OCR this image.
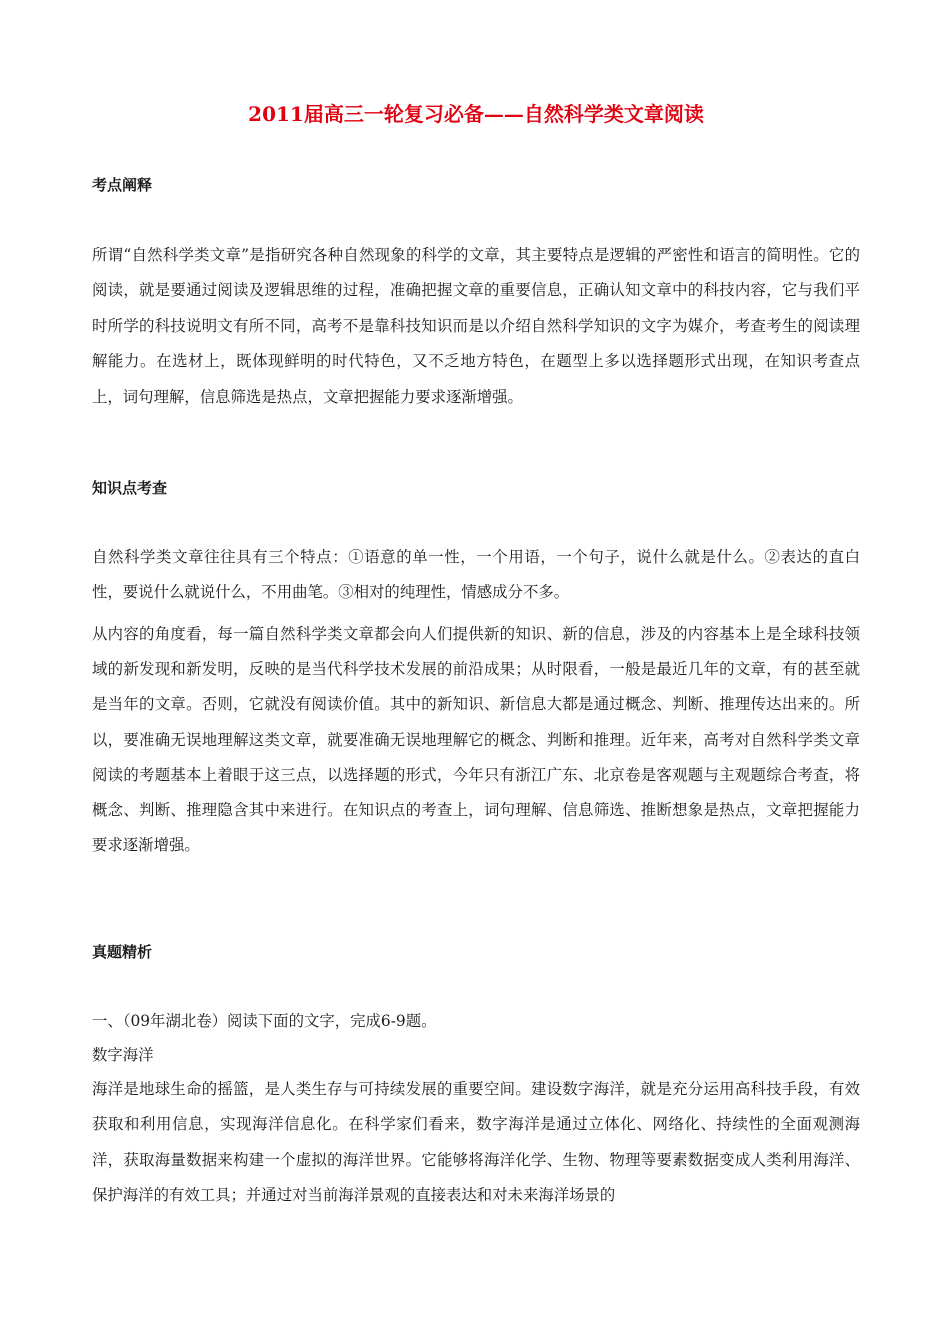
2011届高三一轮复习必备——自然科学类文章阅读
考点阐释
所谓“自然科学类文章”是指研究各种自然现象的科学的文章，其主要特点是逻辑的严密性和语言的简明性。它的阅读，就是要通过阅读及逻辑思维的过程，准确把握文章的重要信息，正确认知文章中的科技内容，它与我们平时所学的科技说明文有所不同，高考不是靠科技知识而是以介绍自然科学知识的文字为媒介，考查考生的阅读理解能力。在选材上，既体现鲜明的时代特色，又不乏地方特色，在题型上多以选择题形式出现，在知识考查点上，词句理解，信息筛选是热点，文章把握能力要求逐渐增强。
知识点考查
自然科学类文章往往具有三个特点：①语意的单一性，一个用语，一个句子，说什么就是什么。②表达的直白性，要说什么就说什么，不用曲笔。③相对的纯理性，情感成分不多。
从内容的角度看，每一篇自然科学类文章都会向人们提供新的知识、新的信息，涉及的内容基本上是全球科技领域的新发现和新发明，反映的是当代科学技术发展的前沿成果；从时限看，一般是最近几年的文章，有的甚至就是当年的文章。否则，它就没有阅读价值。其中的新知识、新信息大都是通过概念、判断、推理传达出来的。所以，要准确无误地理解这类文章，就要准确无误地理解它的概念、判断和推理。近年来，高考对自然科学类文章阅读的考题基本上着眼于这三点，以选择题的形式，今年只有浙江广东、北京卷是客观题与主观题综合考查，将概念、判断、推理隐含其中来进行。在知识点的考查上，词句理解、信息筛选、推断想象是热点，文章把握能力要求逐渐增强。
真题精析
一、（09年湖北卷）阅读下面的文字，完成6-9题。
数字海洋
海洋是地球生命的摇篮，是人类生存与可持续发展的重要空间。建设数字海洋，就是充分运用高科技手段，有效获取和利用信息，实现海洋信息化。在科学家们看来，数字海洋是通过立体化、网络化、持续性的全面观测海洋，获取海量数据来构建一个虚拟的海洋世界。它能够将海洋化学、生物、物理等要素数据变成人类利用海洋、保护海洋的有效工具；并通过对当前海洋景观的直接表达和对未来海洋场景的
